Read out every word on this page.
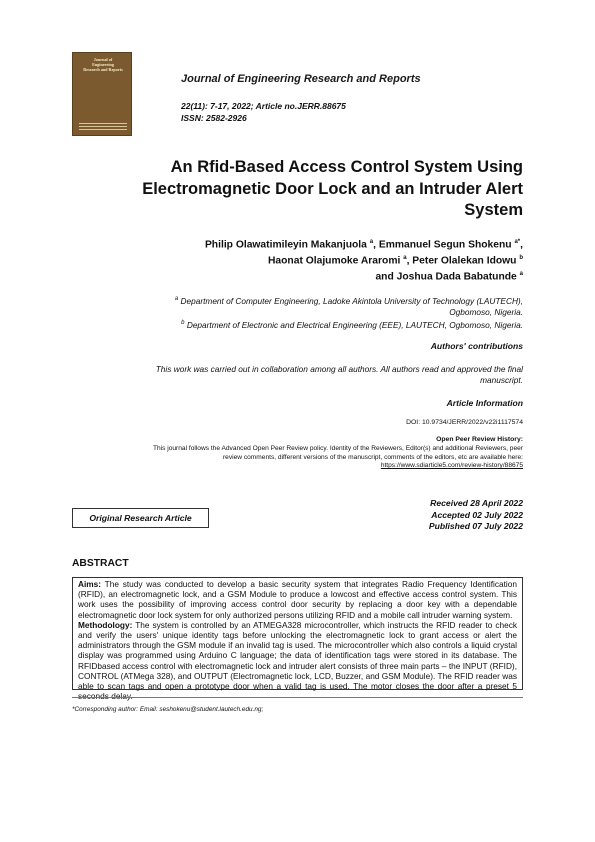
Journal of
Engineering
Research and Reports
Journal of Engineering Research and Reports
22(11): 7-17, 2022; Article no.JERR.88675
ISSN: 2582-2926
An Rfid-Based Access Control System Using
Electromagnetic Door Lock and an Intruder Alert
System
Philip Olawatimileyin Makanjuola $^a$, Emmanuel Segun Shokenu $^{a*}$,
Haonat Olajumoke Araromi $^a$, Peter Olalekan Idowu $^b$
and Joshua Dada Babatunde $^a$
$^a$ Department of Computer Engineering, Ladoke Akintola University of Technology (LAUTECH),
Ogbomoso, Nigeria.
$^b$ Department of Electronic and Electrical Engineering (EEE), LAUTECH, Ogbomoso, Nigeria.
Authors' contributions
This work was carried out in collaboration among all authors. All authors read and approved the final
manuscript.
Article Information
DOI: 10.9734/JERR/2022/v22i1117574
Open Peer Review History:
This journal follows the Advanced Open Peer Review policy. Identity of the Reviewers, Editor(s) and additional Reviewers, peer
review comments, different versions of the manuscript, comments of the editors, etc are available here:
https://www.sdiarticle5.com/review-history/88675
Received 28 April 2022
Accepted 02 July 2022
Published 07 July 2022
Original Research Article
ABSTRACT

Aims: The study was conducted to develop a basic security system that integrates Radio Frequency Identification (RFID), an electromagnetic lock, and a GSM Module to produce a lowcost and effective access control system. This work uses the possibility of improving access control door security by replacing a door key with a dependable electromagnetic door lock system for only authorized persons utilizing RFID and a mobile call intruder warning system.

Methodology: The system is controlled by an ATMEGA328 microcontroller, which instructs the RFID reader to check and verify the users' unique identity tags before unlocking the electromagnetic lock to grant access or alert the administrators through the GSM module if an invalid tag is used. The microcontroller which also controls a liquid crystal display was programmed using Arduino C language; the data of identification tags were stored in its database. The RFIDbased access control with electromagnetic lock and intruder alert consists of three main parts – the INPUT (RFID), CONTROL (ATMega 328), and OUTPUT (Electromagnetic lock, LCD, Buzzer, and GSM Module). The RFID reader was able to scan tags and open a prototype door when a valid tag is used. The motor closes the door after a preset 5 seconds delay.

*Corresponding author: Email: seshokenu@student.lautech.edu.ng;
